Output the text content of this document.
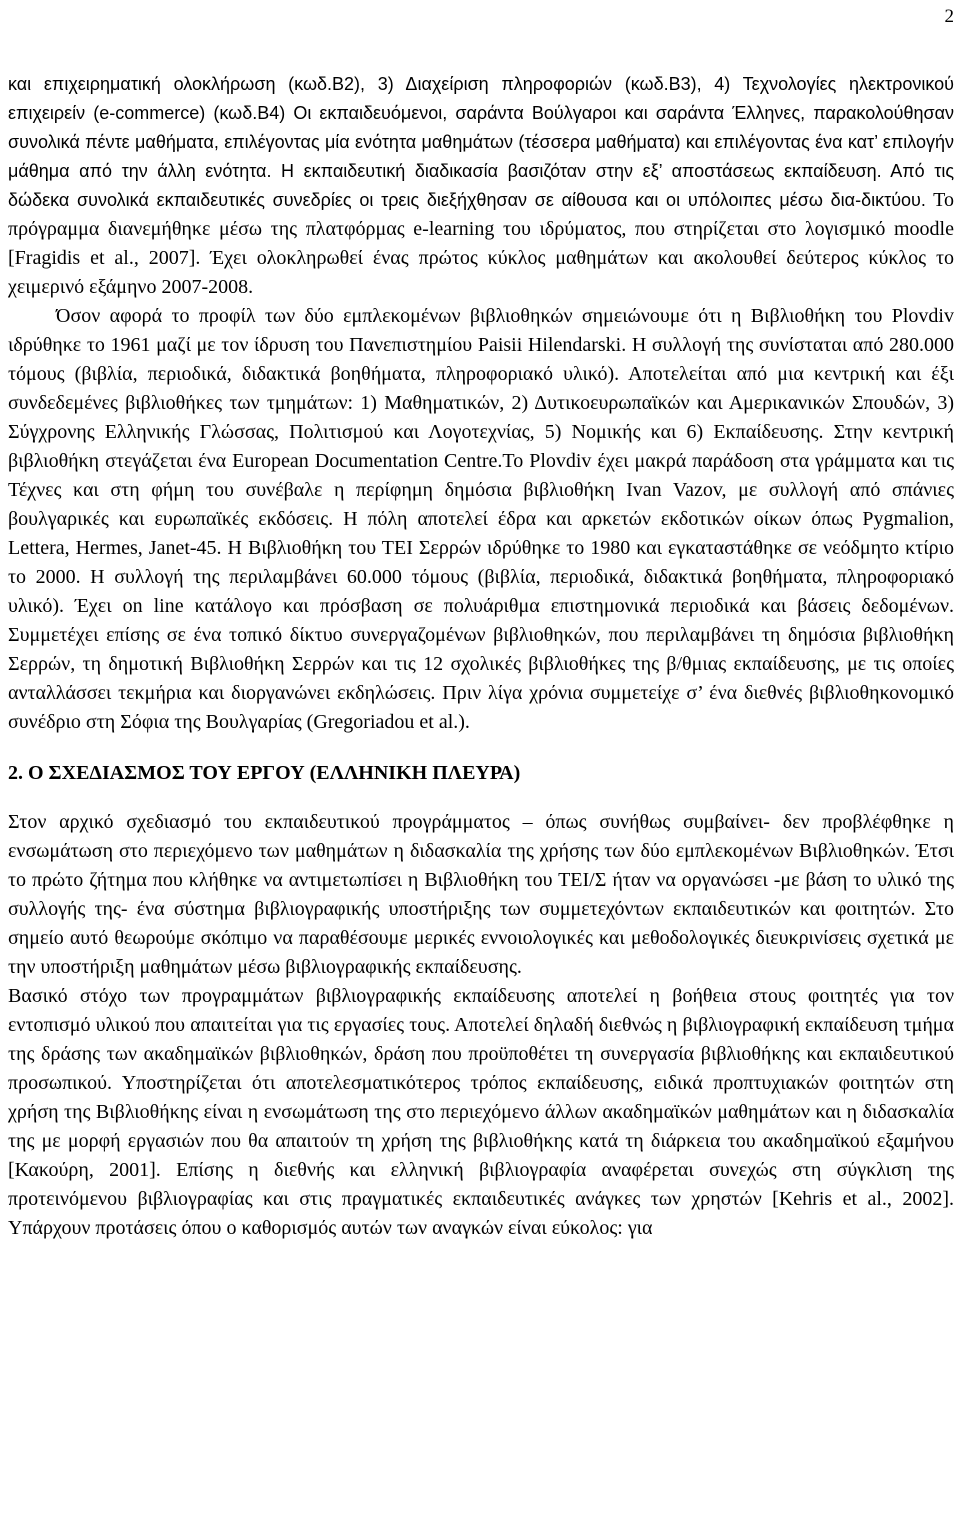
2

και επιχειρηματική ολοκλήρωση (κωδ.Β2), 3) Διαχείριση πληροφοριών (κωδ.Β3), 4) Τεχνολογίες ηλεκτρονικού επιχειρείν (e-commerce) (κωδ.Β4) Οι εκπαιδευόμενοι, σαράντα Βούλγαροι και σαράντα Έλληνες, παρακολούθησαν συνολικά πέντε μαθήματα, επιλέγοντας μία ενότητα μαθημάτων (τέσσερα μαθήματα) και επιλέγοντας ένα κατ’ επιλογήν μάθημα από την άλλη ενότητα. Η εκπαιδευτική διαδικασία βασιζόταν στην εξ’ αποστάσεως εκπαίδευση. Από τις δώδεκα συνολικά εκπαιδευτικές συνεδρίες οι τρεις διεξήχθησαν σε αίθουσα και οι υπόλοιπες μέσω δια-δικτύου. Το πρόγραμμα διανεμήθηκε μέσω της πλατφόρμας e-learning του ιδρύματος, που στηρίζεται στο λογισμικό moodle [Fragidis et al., 2007]. Έχει ολοκληρωθεί ένας πρώτος κύκλος μαθημάτων και ακολουθεί δεύτερος κύκλος το χειμερινό εξάμηνο 2007-2008.

Όσον αφορά το προφίλ των δύο εμπλεκομένων βιβλιοθηκών σημειώνουμε ότι η Βιβλιοθήκη του Plovdiv ιδρύθηκε το 1961 μαζί με τον ίδρυση του Πανεπιστημίου Paisii Hilendarski. Η συλλογή της συνίσταται από 280.000 τόμους (βιβλία, περιοδικά, διδακτικά βοηθήματα, πληροφοριακό υλικό). Αποτελείται από μια κεντρική και έξι συνδεδεμένες βιβλιοθήκες των τμημάτων: 1) Μαθηματικών, 2) Δυτικοευρωπαϊκών και Αμερικανικών Σπουδών, 3) Σύγχρονης Ελληνικής Γλώσσας, Πολιτισμού και Λογοτεχνίας, 5) Νομικής και 6) Εκπαίδευσης. Στην κεντρική βιβλιοθήκη στεγάζεται ένα European Documentation Centre.Το Plovdiv έχει μακρά παράδοση στα γράμματα και τις Τέχνες και στη φήμη του συνέβαλε η περίφημη δημόσια βιβλιοθήκη Ivan Vazov, με συλλογή από σπάνιες βουλγαρικές και ευρωπαϊκές εκδόσεις. Η πόλη αποτελεί έδρα και αρκετών εκδοτικών οίκων όπως Pygmalion, Lettera, Hermes, Janet-45. Η Βιβλιοθήκη του ΤΕΙ Σερρών ιδρύθηκε το 1980 και εγκαταστάθηκε σε νεόδμητο κτίριο το 2000. Η συλλογή της περιλαμβάνει 60.000 τόμους (βιβλία, περιοδικά, διδακτικά βοηθήματα, πληροφοριακό υλικό). Έχει on line κατάλογο και πρόσβαση σε πολυάριθμα επιστημονικά περιοδικά και βάσεις δεδομένων. Συμμετέχει επίσης σε ένα τοπικό δίκτυο συνεργαζομένων βιβλιοθηκών, που περιλαμβάνει τη δημόσια βιβλιοθήκη Σερρών, τη δημοτική Βιβλιοθήκη Σερρών και τις 12 σχολικές βιβλιοθήκες της β/θμιας εκπαίδευσης, με τις οποίες ανταλλάσσει τεκμήρια και διοργανώνει εκδηλώσεις. Πριν λίγα χρόνια συμμετείχε σ’ ένα διεθνές βιβλιοθηκονομικό συνέδριο στη Σόφια της Βουλγαρίας (Gregoriadou et al.).

2. Ο ΣΧΕΔΙΑΣΜΟΣ ΤΟΥ ΕΡΓΟΥ (ΕΛΛΗΝΙΚΗ ΠΛΕΥΡΑ)

Στον αρχικό σχεδιασμό του εκπαιδευτικού προγράμματος – όπως συνήθως συμβαίνει- δεν προβλέφθηκε η ενσωμάτωση στο περιεχόμενο των μαθημάτων η διδασκαλία της χρήσης των δύο εμπλεκομένων Βιβλιοθηκών. Έτσι το πρώτο ζήτημα που κλήθηκε να αντιμετωπίσει η Βιβλιοθήκη του ΤΕΙ/Σ ήταν να οργανώσει -με βάση το υλικό της συλλογής της- ένα σύστημα βιβλιογραφικής υποστήριξης των συμμετεχόντων εκπαιδευτικών και φοιτητών. Στο σημείο αυτό θεωρούμε σκόπιμο να παραθέσουμε μερικές εννοιολογικές και μεθοδολογικές διευκρινίσεις σχετικά με την υποστήριξη μαθημάτων μέσω βιβλιογραφικής εκπαίδευσης.

Βασικό στόχο των προγραμμάτων βιβλιογραφικής εκπαίδευσης αποτελεί η βοήθεια στους φοιτητές για τον εντοπισμό υλικού που απαιτείται για τις εργασίες τους. Αποτελεί δηλαδή διεθνώς η βιβλιογραφική εκπαίδευση τμήμα της δράσης των ακαδημαϊκών βιβλιοθηκών, δράση που προϋποθέτει τη συνεργασία βιβλιοθήκης και εκπαιδευτικού προσωπικού. Υποστηρίζεται ότι αποτελεσματικότερος τρόπος εκπαίδευσης, ειδικά προπτυχιακών φοιτητών στη χρήση της Βιβλιοθήκης είναι η ενσωμάτωση της στο περιεχόμενο άλλων ακαδημαϊκών μαθημάτων και η διδασκαλία της με μορφή εργασιών που θα απαιτούν τη χρήση της βιβλιοθήκης κατά τη διάρκεια του ακαδημαϊκού εξαμήνου [Κακούρη, 2001]. Επίσης η διεθνής και ελληνική βιβλιογραφία αναφέρεται συνεχώς στη σύγκλιση της προτεινόμενου βιβλιογραφίας και στις πραγματικές εκπαιδευτικές ανάγκες των χρηστών [Kehris et al., 2002]. Υπάρχουν προτάσεις όπου ο καθορισμός αυτών των αναγκών είναι εύκολος: για
